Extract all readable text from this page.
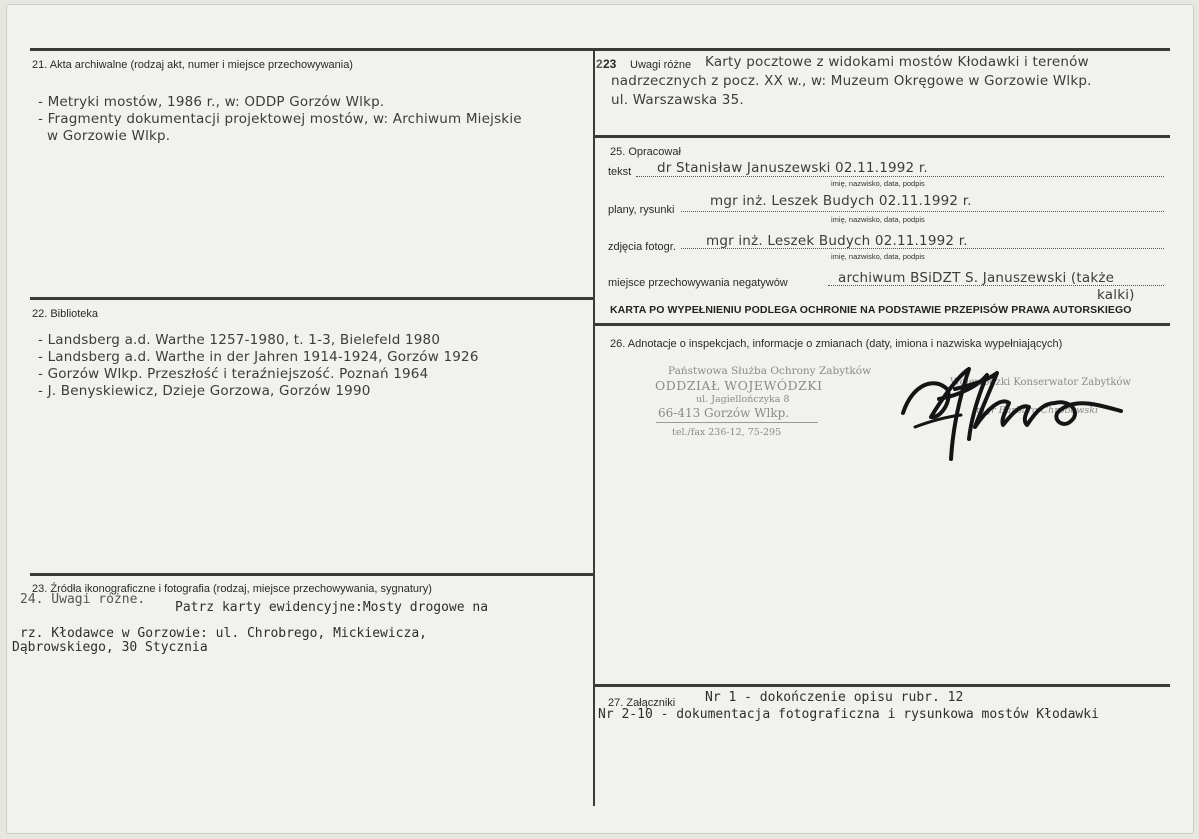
21. Akta archiwalne (rodzaj akt, numer i miejsce przechowywania)
- Metryki mostów, 1986 r., w: ODDP Gorzów Wlkp.
- Fragmenty dokumentacji projektowej mostów, w: Archiwum Miejskie
w Gorzowie Wlkp.
22. Biblioteka
- Landsberg a.d. Warthe 1257-1980, t. 1-3, Bielefeld 1980
- Landsberg a.d. Warthe in der Jahren 1914-1924, Gorzów 1926
- Gorzów Wlkp. Przeszłość i teraźniejszość. Poznań 1964
- J. Benyskiewicz, Dzieje Gorzowa, Gorzów 1990
23. Źródła ikonograficzne i fotografia (rodzaj, miejsce przechowywania, sygnatury)
24. Uwagi różne.
Patrz karty ewidencyjne:Mosty drogowe na
rz. Kłodawce w Gorzowie: ul. Chrobrego, Mickiewicza,
Dąbrowskiego, 30 Stycznia
2 23 Uwagi różne Karty pocztowe z widokami mostów Kłodawki i terenów
nadrzecznych z pocz. XX w., w: Muzeum Okręgowe w Gorzowie Wlkp.
ul. Warszawska 35.
25. Opracował
tekst dr Stanisław Januszewski 02.11.1992 r.
imię, nazwisko, data, podpis
plany, rysunki
mgr inż. Leszek Budych 02.11.1992 r.
imię, nazwisko, data, podpis
zdjęcia fotogr. mgr inż. Leszek Budych 02.11.1992 r.
imię, nazwisko, data, podpis
miejsce przechowywania negatywów	archiwum BSiDZT S. Januszewski (także
kalki)
KARTA PO WYPEŁNIENIU PODLEGA OCHRONIE NA PODSTAWIE PRZEPISÓW PRAWA AUTORSKIEGO
26. Adnotacje o inspekcjach, informacje o zmianach (daty, imiona i nazwiska wypełniających)
Państwowa Służba Ochrony Zabytków
ODDZIAŁ WOJEWÓDZKI
ul. Jagiellończyka 8
66-413 Gorzów Wlkp.
tel./fax 236-12, 75-295
Wojewódzki Konserwator Zabytków
mgr Barbara Chrobowski
27. Załączniki Nr 1 - dokończenie opisu rubr. 12
Nr 2-10 - dokumentacja fotograficzna i rysunkowa mostów Kłodawki
